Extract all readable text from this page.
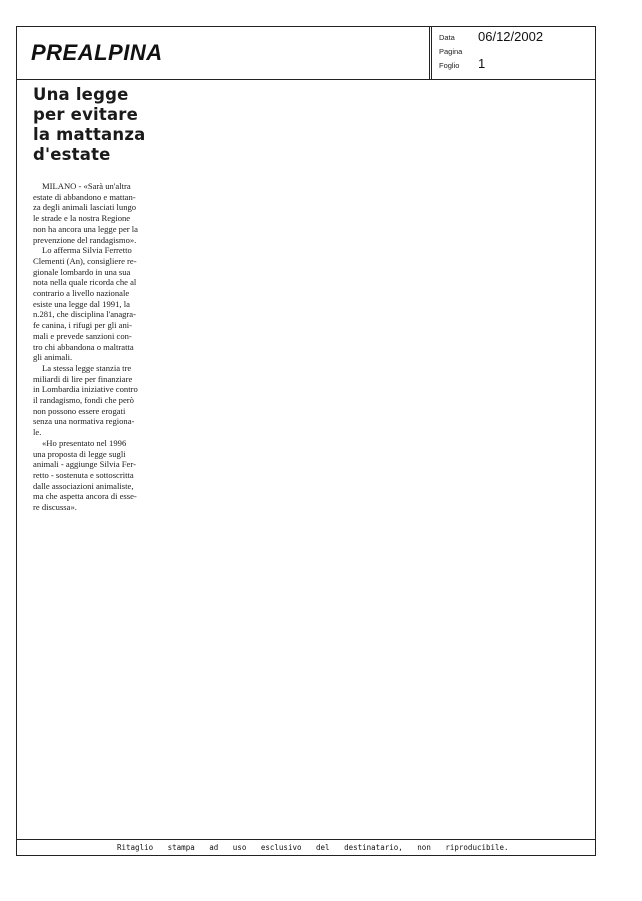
PREALPINA
Data 06/12/2002
Pagina
Foglio 1
Una legge
per evitare
la mattanza
d'estate

MILANO - «Sarà un'altra
estate di abbandono e mattan-
za degli animali lasciati lungo
le strade e la nostra Regione
non ha ancora una legge per la
prevenzione del randagismo».
Lo afferma Silvia Ferretto
Clementi (An), consigliere re-
gionale lombardo in una sua
nota nella quale ricorda che al
contrario a livello nazionale
esiste una legge dal 1991, la
n.281, che disciplina l'anagra-
fe canina, i rifugi per gli ani-
mali e prevede sanzioni con-
tro chi abbandona o maltratta
gli animali.
La stessa legge stanzia tre
miliardi di lire per finanziare
in Lombardia iniziative contro
il randagismo, fondi che però
non possono essere erogati
senza una normativa regiona-
le.
«Ho presentato nel 1996
una proposta di legge sugli
animali - aggiunge Silvia Fer-
retto - sostenuta e sottoscritta
dalle associazioni animaliste,
ma che aspetta ancora di esse-
re discussa».

Ritaglio stampa ad uso esclusivo del destinatario, non riproducibile.
